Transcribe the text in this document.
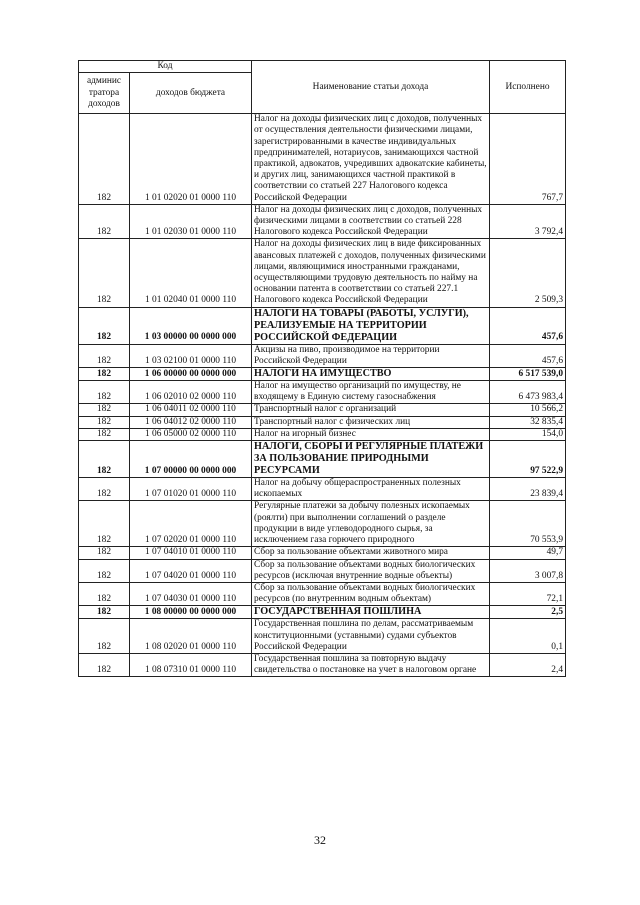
Код		Наименование статьи дохода	Исполнено
админис тратора доходов	доходов бюджета		
182	1 01 02020 01 0000 110	Налог на доходы физических лиц с доходов, полученных от осуществления деятельности физическими лицами, зарегистрированными в качестве индивидуальных предпринимателей, нотариусов, занимающихся частной практикой, адвокатов, учредивших адвокатские кабинеты, и других лиц, занимающихся частной практикой в соответствии со статьей 227 Налогового кодекса Российской Федерации	767,7
182	1 01 02030 01 0000 110	Налог на доходы физических лиц с доходов, полученных физическими лицами в соответствии со статьей 228 Налогового кодекса Российской Федерации	3 792,4
182	1 01 02040 01 0000 110	Налог на доходы физических лиц в виде фиксированных авансовых платежей с доходов, полученных физическими лицами, являющимися иностранными гражданами, осуществляющими трудовую деятельность по найму на основании патента в соответствии со статьей 227.1 Налогового кодекса Российской Федерации	2 509,3
182	1 03 00000 00 0000 000	НАЛОГИ НА ТОВАРЫ (РАБОТЫ, УСЛУГИ), РЕАЛИЗУЕМЫЕ НА ТЕРРИТОРИИ РОССИЙСКОЙ ФЕДЕРАЦИИ	457,6
182	1 03 02100 01 0000 110	Акцизы на пиво, производимое на территории Российской Федерации	457,6
182	1 06 00000 00 0000 000	НАЛОГИ НА ИМУЩЕСТВО	6 517 539,0
182	1 06 02010 02 0000 110	Налог на имущество организаций по имуществу, не входящему в Единую систему газоснабжения	6 473 983,4
182	1 06 04011 02 0000 110	Транспортный налог с организаций	10 566,2
182	1 06 04012 02 0000 110	Транспортный налог с физических лиц	32 835,4
182	1 06 05000 02 0000 110	Налог на игорный бизнес	154,0
182	1 07 00000 00 0000 000	НАЛОГИ, СБОРЫ И РЕГУЛЯРНЫЕ ПЛАТЕЖИ ЗА ПОЛЬЗОВАНИЕ ПРИРОДНЫМИ РЕСУРСАМИ	97 522,9
182	1 07 01020 01 0000 110	Налог на добычу общераспространенных полезных ископаемых	23 839,4
182	1 07 02020 01 0000 110	Регулярные платежи за добычу полезных ископаемых (роялти) при выполнении соглашений о разделе продукции в виде углеводородного сырья, за исключением газа горючего природного	70 553,9
182	1 07 04010 01 0000 110	Сбор за пользование объектами животного мира	49,7
182	1 07 04020 01 0000 110	Сбор за пользование объектами водных биологических ресурсов (исключая внутренние водные объекты)	3 007,8
182	1 07 04030 01 0000 110	Сбор за пользование объектами водных биологических ресурсов (по внутренним водным объектам)	72,1
182	1 08 00000 00 0000 000	ГОСУДАРСТВЕННАЯ ПОШЛИНА	2,5
182	1 08 02020 01 0000 110	Государственная пошлина по делам, рассматриваемым конституционными (уставными) судами субъектов Российской Федерации	0,1
182	1 08 07310 01 0000 110	Государственная пошлина за повторную выдачу свидетельства о постановке на учет в налоговом органе	2,4
32
